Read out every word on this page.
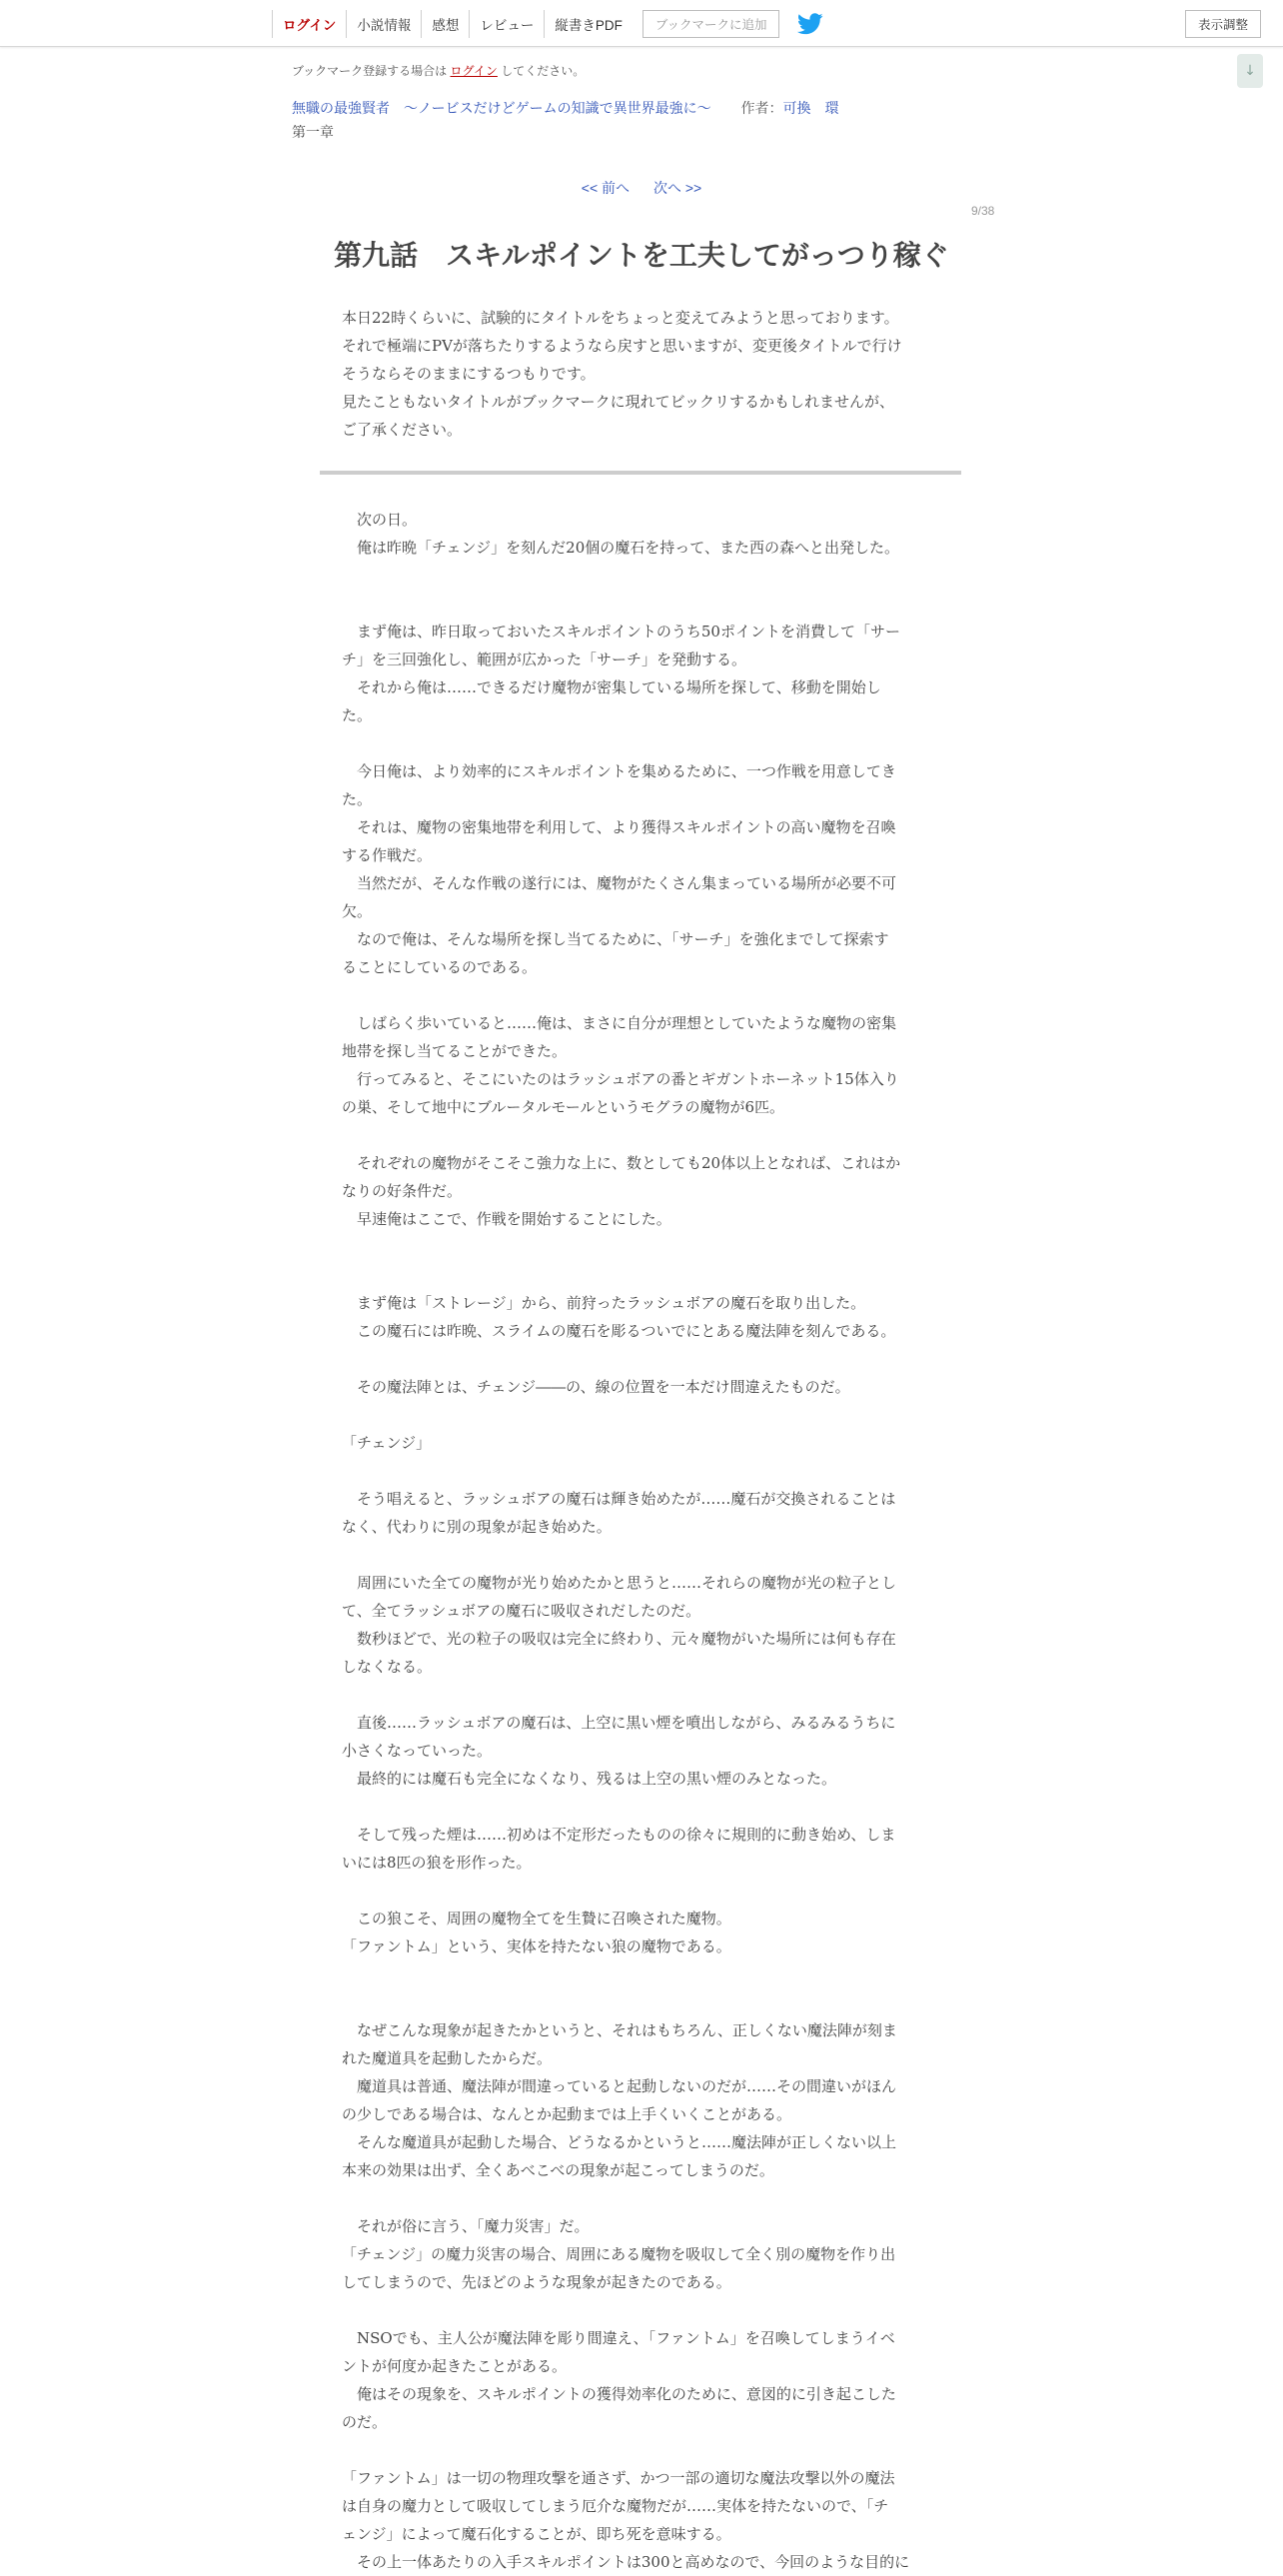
ログイン	小説情報	感想	レビュー	縦書きPDF	ブックマークに追加	表示調整
↓
ブックマーク登録する場合は ログイン してください。
無職の最強賢者　〜ノービスだけどゲームの知識で異世界最強に〜 作者：可換　環
第一章
<< 前へ 次へ >>
9/38
第九話　スキルポイントを工夫してがっつり稼ぐ

本日22時くらいに、試験的にタイトルをちょっと変えてみようと思っております。

それで極端にPVが落ちたりするようなら戻すと思いますが、変更後タイトルで行け

そうならそのままにするつもりです。

見たこともないタイトルがブックマークに現れてビックリするかもしれませんが、

ご了承ください。

　次の日。

　俺は昨晩「チェンジ」を刻んだ20個の魔石を持って、また西の森へと出発した。

　まず俺は、昨日取っておいたスキルポイントのうち50ポイントを消費して「サー

チ」を三回強化し、範囲が広かった「サーチ」を発動する。

　それから俺は……できるだけ魔物が密集している場所を探して、移動を開始し

た。

　今日俺は、より効率的にスキルポイントを集めるために、一つ作戦を用意してき

た。

　それは、魔物の密集地帯を利用して、より獲得スキルポイントの高い魔物を召喚

する作戦だ。

　当然だが、そんな作戦の遂行には、魔物がたくさん集まっている場所が必要不可

欠。

　なので俺は、そんな場所を探し当てるために、「サーチ」を強化までして探索す

ることにしているのである。

　しばらく歩いていると……俺は、まさに自分が理想としていたような魔物の密集

地帯を探し当てることができた。

　行ってみると、そこにいたのはラッシュボアの番とギガントホーネット15体入り

の巣、そして地中にブルータルモールというモグラの魔物が6匹。

　それぞれの魔物がそこそこ強力な上に、数としても20体以上となれば、これはか

なりの好条件だ。

　早速俺はここで、作戦を開始することにした。

　まず俺は「ストレージ」から、前狩ったラッシュボアの魔石を取り出した。

　この魔石には昨晩、スライムの魔石を彫るついでにとある魔法陣を刻んである。

　その魔法陣とは、チェンジ――の、線の位置を一本だけ間違えたものだ。

「チェンジ」

　そう唱えると、ラッシュボアの魔石は輝き始めたが……魔石が交換されることは

なく、代わりに別の現象が起き始めた。

　周囲にいた全ての魔物が光り始めたかと思うと……それらの魔物が光の粒子とし

て、全てラッシュボアの魔石に吸収されだしたのだ。

　数秒ほどで、光の粒子の吸収は完全に終わり、元々魔物がいた場所には何も存在

しなくなる。

　直後……ラッシュボアの魔石は、上空に黒い煙を噴出しながら、みるみるうちに

小さくなっていった。

　最終的には魔石も完全になくなり、残るは上空の黒い煙のみとなった。

　そして残った煙は……初めは不定形だったものの徐々に規則的に動き始め、しま

いには8匹の狼を形作った。

　この狼こそ、周囲の魔物全てを生贄に召喚された魔物。

「ファントム」という、実体を持たない狼の魔物である。

　なぜこんな現象が起きたかというと、それはもちろん、正しくない魔法陣が刻ま

れた魔道具を起動したからだ。

　魔道具は普通、魔法陣が間違っていると起動しないのだが……その間違いがほん

の少しである場合は、なんとか起動までは上手くいくことがある。

　そんな魔道具が起動した場合、どうなるかというと……魔法陣が正しくない以上

本来の効果は出ず、全くあべこべの現象が起こってしまうのだ。

　それが俗に言う、「魔力災害」だ。

「チェンジ」の魔力災害の場合、周囲にある魔物を吸収して全く別の魔物を作り出

してしまうので、先ほどのような現象が起きたのである。

　NSOでも、主人公が魔法陣を彫り間違え、「ファントム」を召喚してしまうイベ

ントが何度か起きたことがある。

　俺はその現象を、スキルポイントの獲得効率化のために、意図的に引き起こした

のだ。

「ファントム」は一切の物理攻撃を通さず、かつ一部の適切な魔法攻撃以外の魔法

は自身の魔力として吸収してしまう厄介な魔物だが……実体を持たないので、「チ

ェンジ」によって魔石化することが、即ち死を意味する。

　その上一体あたりの入手スキルポイントは300と高めなので、今回のような目的に
